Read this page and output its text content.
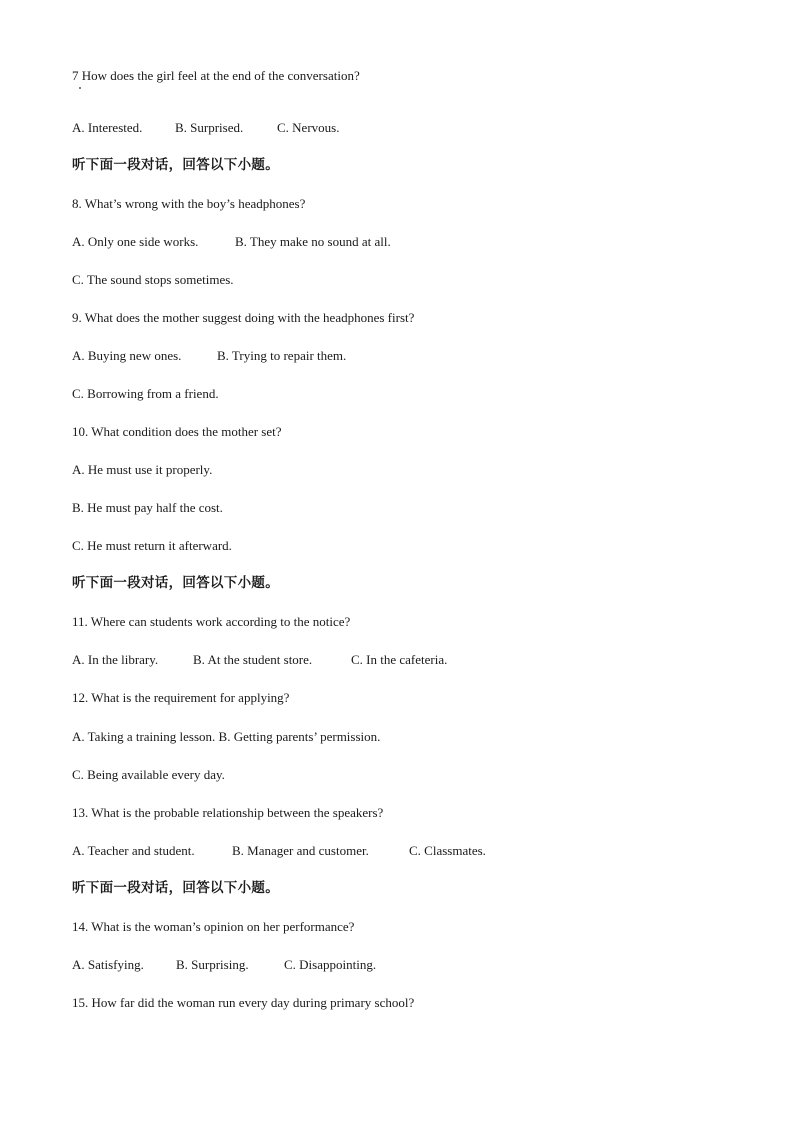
7 How does the girl feel at the end of the conversation?
A. Interested.	B. Surprised.	C. Nervous.
听下面一段对话，回答以下小题。
8. What’s wrong with the boy’s headphones?
A. Only one side works.	B. They make no sound at all.
C. The sound stops sometimes.
9. What does the mother suggest doing with the headphones first?
A. Buying new ones.	B. Trying to repair them.
C. Borrowing from a friend.
10. What condition does the mother set?
A. He must use it properly.
B. He must pay half the cost.
C. He must return it afterward.
听下面一段对话，回答以下小题。
11. Where can students work according to the notice?
A. In the library.	B. At the student store.	C. In the cafeteria.
12. What is the requirement for applying?
A. Taking a training lesson. B. Getting parents’ permission.
C. Being available every day.
13. What is the probable relationship between the speakers?
A. Teacher and student.	B. Manager and customer.	C. Classmates.
听下面一段对话，回答以下小题。
14. What is the woman’s opinion on her performance?
A. Satisfying. B. Surprising.	C. Disappointing.
15. How far did the woman run every day during primary school?
